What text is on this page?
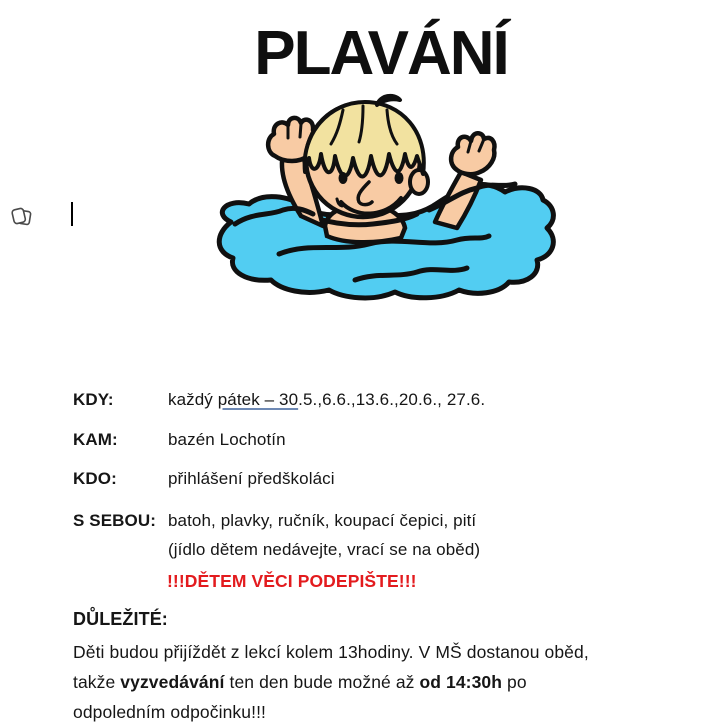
PLAVÁNÍ
KDY:	každý pátek – 30.5.,6.6.,13.6.,20.6., 27.6.
KAM:	bazén Lochotín
KDO:	přihlášení předškoláci
S SEBOU: batoh, plavky, ručník, koupací čepici, pití
(jídlo dětem nedávejte, vrací se na oběd)
!!!DĚTEM VĚCI PODEPIŠTE!!!
DŮLEŽITÉ:
Děti budou přijíždět z lekcí kolem 13hodiny. V MŠ dostanou oběd,
takže vyzvedávání ten den bude možné až od 14:30h po
odpoledním odpočinku!!!
